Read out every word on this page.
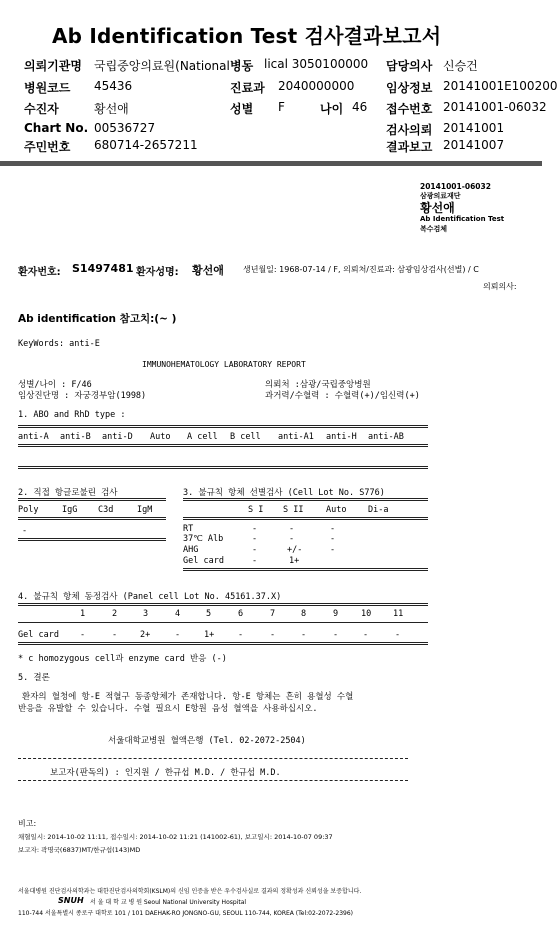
Ab Identification Test 검사결과보고서
의뢰기관명 국립중앙의료원(National 병동 lical 3050100000 담당의사 신승건
병원코드 45436	진료과 2040000000	임상정보 20141001E100200
수진자	황선애	성별 F	나이 46 접수번호 20141001-06032
Chart No. 00536727	검사의뢰 20141001
주민번호 680714-2657211	결과보고 20141007
20141001-06032
삼광의료재단
황선애
Ab Identification Test
복수검체
환자번호: S1497481 환자성명: 황선애 생년월일: 1968-07-14 / F, 의뢰처/진료과: 삼광임상검사(선별) / C
의뢰의사:
Ab identification 참고치:(~ )
KeyWords: anti-E
IMMUNOHEMATOLOGY LABORATORY REPORT
성별/나이 : F/46
임상진단명 : 자궁경부암(1998)
의뢰처 :삼광/국립중앙병원
과거력/수혈력 : 수혈력(+)/임신력(+)
1. ABO and RhD type :
anti-A anti-B anti-D Auto A cell B cell anti-A1 anti-H anti-AB
2. 직접 항글로불린 검사
Poly	IgG C3d	IgM
-
3. 불규칙 항체 선별검사 (Cell Lot No. S776)
S I S II	Auto	Di-a
RT	-	-	-
37℃ Alb	-	-	-
AHG	-	+/-	-
Gel card	-	1+
4. 불규칙 항체 동정검사 (Panel cell Lot No. 45161.37.X)
1	2	3	4	5	6	7	8	9	10	11
Gel card -	-	2+	-	1+	-	-	-	-	-	-
* c homozygous cell과 enzyme card 반응 (-)
5. 결론
환자의 혈청에 항-E 적혈구 동종항체가 존재합니다. 항-E 항체는 흔히 용혈성 수혈
반응을 유발할 수 있습니다. 수혈 필요시 E항원 음성 혈액을 사용하십시오.
서울대학교병원 혈액은행 (Tel. 02-2072-2504)
보고자(판독의) : 인지원 / 한규섭 M.D. / 한규섭 M.D.
비고:
채혈일시: 2014-10-02 11:11, 접수일시: 2014-10-02 11:21 (141002-61), 보고일시: 2014-10-07 09:37
보고자: 곽명국(6837)MT/한규섭(143)MD
서울대병원 진단검사의학과는 대한진단검사의학회(KSLM)의 신임 인증을 받은 우수검사실로 결과의 정확성과 신뢰성을 보증합니다.
SNUH 서 울 대 학 교 병 원 Seoul National University Hospital
110-744 서울특별시 종로구 대학로 101 / 101 DAEHAK-RO JONGNO-GU, SEOUL 110-744, KOREA (Tel:02-2072-2396)
